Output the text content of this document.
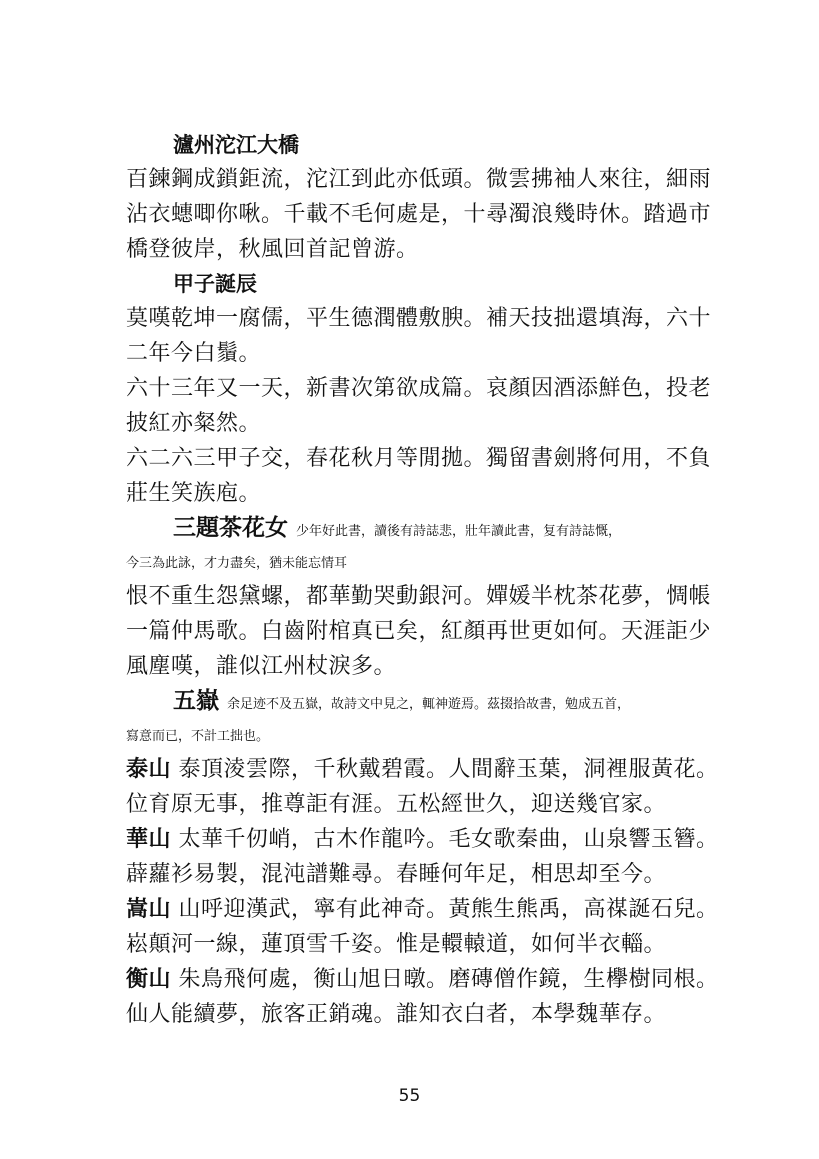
瀘州沱江大橋

百鍊鋼成鎖鉅流，沱江到此亦低頭。微雲拂袖人來往，細雨

沾衣蟪唧你啾。千載不毛何處是，十尋濁浪幾時休。踏過市

橋登彼岸，秋風回首記曾游。

甲子誕辰

莫嘆乾坤一腐儒，平生德潤體敷腴。補天技拙還填海，六十

二年今白鬚。

六十三年又一天，新書次第欲成篇。哀顏因酒添鮮色，投老

披紅亦粲然。

六二六三甲子交，春花秋月等閒拋。獨留書劍將何用，不負

莊生笑族庖。

三題茶花女 少年好此書，讀後有詩誌悲，壯年讀此書，复有詩誌慨，

今三為此詠，才力盡矣，猶未能忘情耳

恨不重生怨黛螺，都華勤哭動銀河。嬋媛半枕茶花夢，惆帳

一篇仲馬歌。白齒附棺真已矣，紅顏再世更如何。天涯詎少

風塵嘆，誰似江州杖淚多。

五嶽 余足迹不及五嶽，故詩文中見之，輒神遊焉。茲掇拾故書，勉成五首，

寫意而已，不計工拙也。

泰山 泰頂淩雲際，千秋戴碧霞。人間辭玉葉，洞裡服黃花。

位育原无事，推尊詎有涯。五松經世久，迎送幾官家。

華山 太華千仞峭，古木作龍吟。毛女歌秦曲，山泉響玉簪。

薜蘿衫易製，混沌譜難尋。春睡何年足，相思却至今。

嵩山 山呼迎漢武，寧有此神奇。黃熊生熊禹，高禖誕石兒。

崧顛河一線，蓮頂雪千姿。惟是轘轅道，如何半衣輜。

衡山 朱鳥飛何處，衡山旭日暾。磨磚僧作鏡，生欅樹同根。

仙人能續夢，旅客正銷魂。誰知衣白者，本學魏華存。

55
